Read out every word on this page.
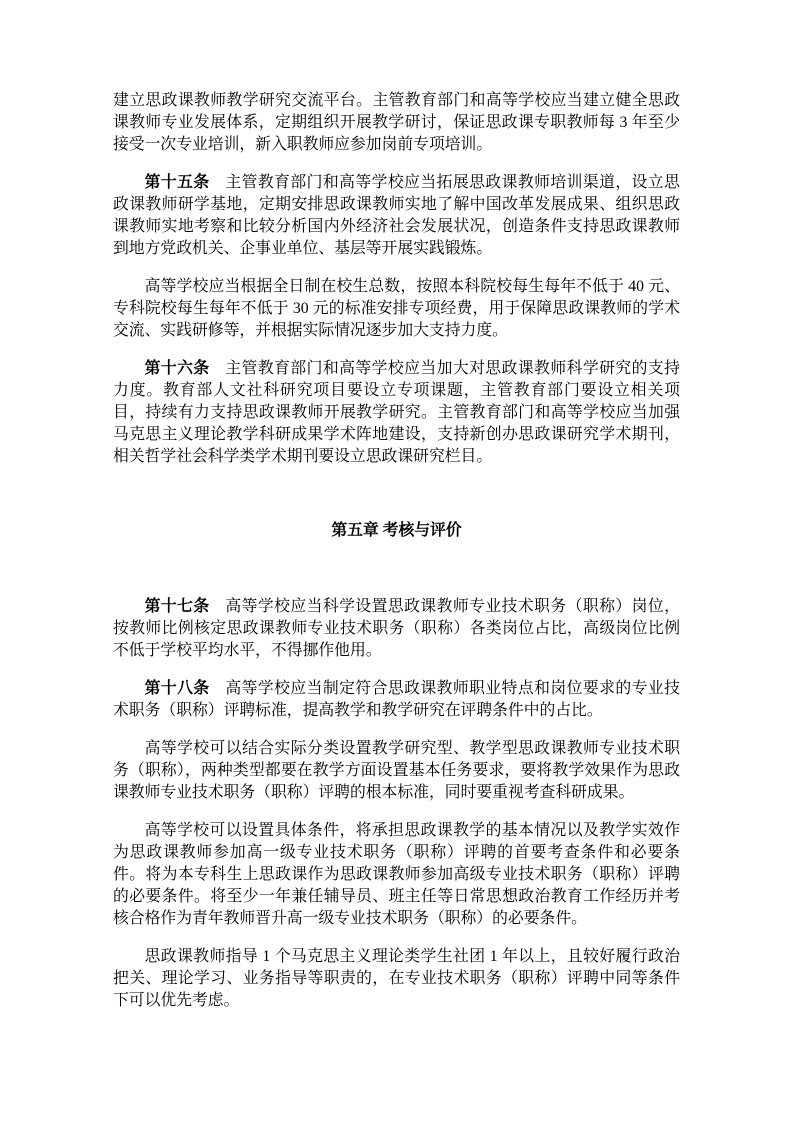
建立思政课教师教学研究交流平台。主管教育部门和高等学校应当建立健全思政课教师专业发展体系，定期组织开展教学研讨，保证思政课专职教师每 3 年至少接受一次专业培训，新入职教师应参加岗前专项培训。

第十五条 主管教育部门和高等学校应当拓展思政课教师培训渠道，设立思政课教师研学基地，定期安排思政课教师实地了解中国改革发展成果、组织思政课教师实地考察和比较分析国内外经济社会发展状况，创造条件支持思政课教师到地方党政机关、企事业单位、基层等开展实践锻炼。

高等学校应当根据全日制在校生总数，按照本科院校每生每年不低于 40 元、专科院校每生每年不低于 30 元的标准安排专项经费，用于保障思政课教师的学术交流、实践研修等，并根据实际情况逐步加大支持力度。

第十六条 主管教育部门和高等学校应当加大对思政课教师科学研究的支持力度。教育部人文社科研究项目要设立专项课题，主管教育部门要设立相关项目，持续有力支持思政课教师开展教学研究。主管教育部门和高等学校应当加强马克思主义理论教学科研成果学术阵地建设，支持新创办思政课研究学术期刊，相关哲学社会科学类学术期刊要设立思政课研究栏目。

第五章 考核与评价

第十七条 高等学校应当科学设置思政课教师专业技术职务（职称）岗位，按教师比例核定思政课教师专业技术职务（职称）各类岗位占比，高级岗位比例不低于学校平均水平，不得挪作他用。

第十八条 高等学校应当制定符合思政课教师职业特点和岗位要求的专业技术职务（职称）评聘标准，提高教学和教学研究在评聘条件中的占比。

高等学校可以结合实际分类设置教学研究型、教学型思政课教师专业技术职务（职称），两种类型都要在教学方面设置基本任务要求，要将教学效果作为思政课教师专业技术职务（职称）评聘的根本标准，同时要重视考查科研成果。

高等学校可以设置具体条件，将承担思政课教学的基本情况以及教学实效作为思政课教师参加高一级专业技术职务（职称）评聘的首要考查条件和必要条件。将为本专科生上思政课作为思政课教师参加高级专业技术职务（职称）评聘的必要条件。将至少一年兼任辅导员、班主任等日常思想政治教育工作经历并考核合格作为青年教师晋升高一级专业技术职务（职称）的必要条件。

思政课教师指导 1 个马克思主义理论类学生社团 1 年以上，且较好履行政治把关、理论学习、业务指导等职责的，在专业技术职务（职称）评聘中同等条件下可以优先考虑。
